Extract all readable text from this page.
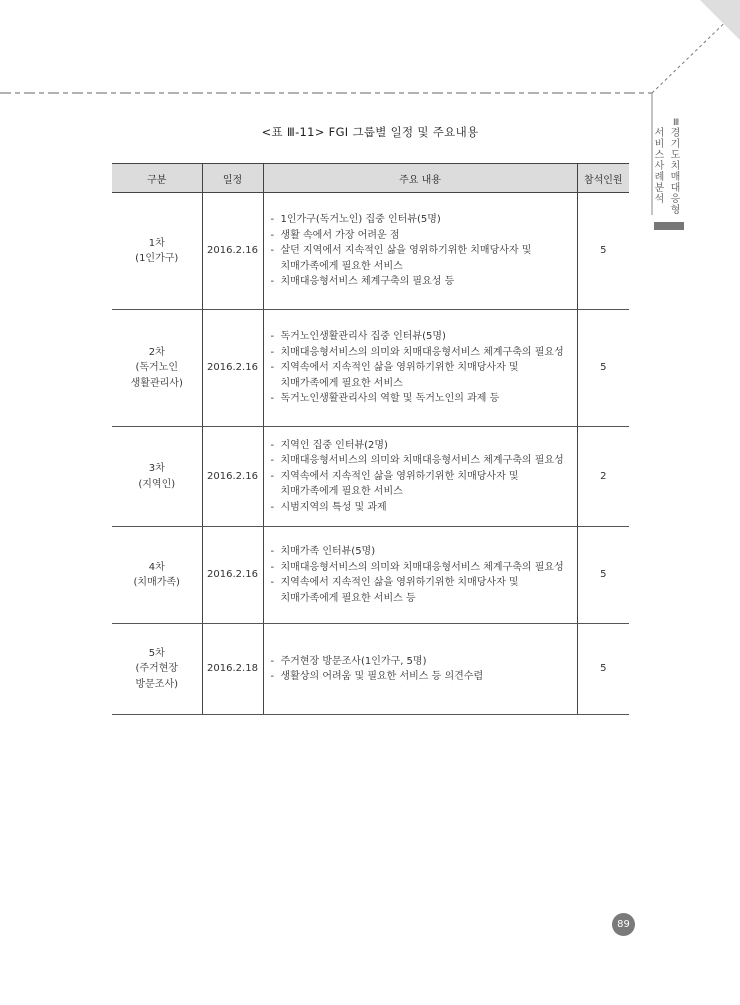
Ⅲ
서
비
스
사
례
분
석
경
기
도
치
매
대
응
형
<표 Ⅲ-11> FGI 그룹별 일정 및 주요내용
구분	일정	주요 내용	참석인원

1차
(1인가구)	2016.2.16	- 1인가구(독거노인) 집중 인터뷰(5명)
- 생활 속에서 가장 어려운 점
- 살던 지역에서 지속적인 삶을 영위하기위한 치매당사자 및
치매가족에게 필요한 서비스
- 치매대응형서비스 체계구축의 필요성 등	5

2차
(독거노인
생활관리사)	2016.2.16	- 독거노인생활관리사 집중 인터뷰(5명)
- 치매대응형서비스의 의미와 치매대응형서비스 체계구축의 필요성
- 지역속에서 지속적인 삶을 영위하기위한 치매당사자 및
치매가족에게 필요한 서비스
- 독거노인생활관리사의 역할 및 독거노인의 과제 등	5

3차
(지역인)	2016.2.16	- 지역인 집중 인터뷰(2명)
- 치매대응형서비스의 의미와 치매대응형서비스 체계구축의 필요성
- 지역속에서 지속적인 삶을 영위하기위한 치매당사자 및
치매가족에게 필요한 서비스
- 시범지역의 특성 및 과제	2

4차
(치매가족)	2016.2.16	- 치매가족 인터뷰(5명)
- 치매대응형서비스의 의미와 치매대응형서비스 체계구축의 필요성
- 지역속에서 지속적인 삶을 영위하기위한 치매당사자 및
치매가족에게 필요한 서비스 등	5

5차
(주거현장
방문조사)	2016.2.18	- 주거현장 방문조사(1인가구, 5명)
- 생활상의 어려움 및 필요한 서비스 등 의견수렴	5
89
